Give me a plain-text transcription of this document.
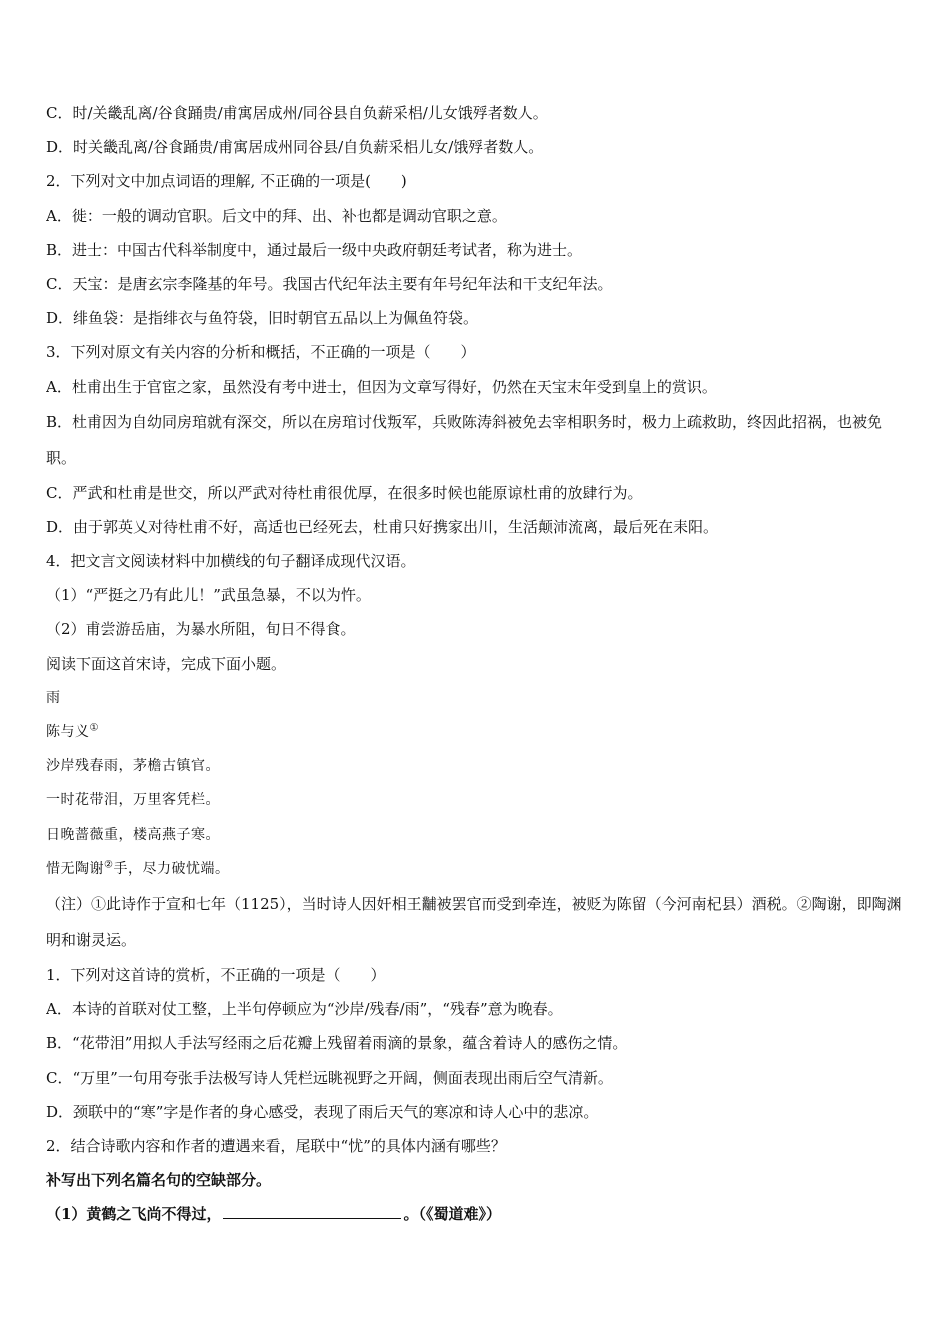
C．时/关畿乱离/谷食踊贵/甫寓居成州/同谷县自负薪采梠/儿女饿殍者数人。
D．时关畿乱离/谷食踊贵/甫寓居成州同谷县/自负薪采梠儿女/饿殍者数人。
2．下列对文中加点词语的理解, 不正确的一项是(　　)
A．徙：一般的调动官职。后文中的拜、出、补也都是调动官职之意。
B．进士：中国古代科举制度中，通过最后一级中央政府朝廷考试者，称为进士。
C．天宝：是唐玄宗李隆基的年号。我国古代纪年法主要有年号纪年法和干支纪年法。
D．绯鱼袋：是指绯衣与鱼符袋，旧时朝官五品以上为佩鱼符袋。
3．下列对原文有关内容的分析和概括，不正确的一项是（　　）
A．杜甫出生于官宦之家，虽然没有考中进士，但因为文章写得好，仍然在天宝末年受到皇上的赏识。
B．杜甫因为自幼同房琯就有深交，所以在房琯讨伐叛军，兵败陈涛斜被免去宰相职务时，极力上疏救助，终因此招祸，也被免职。
C．严武和杜甫是世交，所以严武对待杜甫很优厚，在很多时候也能原谅杜甫的放肆行为。
D．由于郭英乂对待杜甫不好，高适也已经死去，杜甫只好携家出川，生活颠沛流离，最后死在耒阳。
4．把文言文阅读材料中加横线的句子翻译成现代汉语。
（1）“严挺之乃有此儿！”武虽急暴，不以为忤。
（2）甫尝游岳庙，为暴水所阻，旬日不得食。
阅读下面这首宋诗，完成下面小题。
雨
陈与义①
沙岸残春雨，茅檐古镇官。
一时花带泪，万里客凭栏。
日晚蔷薇重，楼高燕子寒。
惜无陶谢②手，尽力破忧端。
（注）①此诗作于宣和七年（1125），当时诗人因奸相王黼被罢官而受到牵连，被贬为陈留（今河南杞县）酒税。②陶谢，即陶渊明和谢灵运。
1．下列对这首诗的赏析，不正确的一项是（　　）
A．本诗的首联对仗工整，上半句停顿应为“沙岸/残春/雨”，“残春”意为晚春。
B．“花带泪”用拟人手法写经雨之后花瓣上残留着雨滴的景象，蕴含着诗人的感伤之情。
C．“万里”一句用夸张手法极写诗人凭栏远眺视野之开阔，侧面表现出雨后空气清新。
D．颈联中的“寒”字是作者的身心感受，表现了雨后天气的寒凉和诗人心中的悲凉。
2．结合诗歌内容和作者的遭遇来看，尾联中“忧”的具体内涵有哪些？
补写出下列名篇名句的空缺部分。
（1）黄鹤之飞尚不得过，	。（《蜀道难》）
